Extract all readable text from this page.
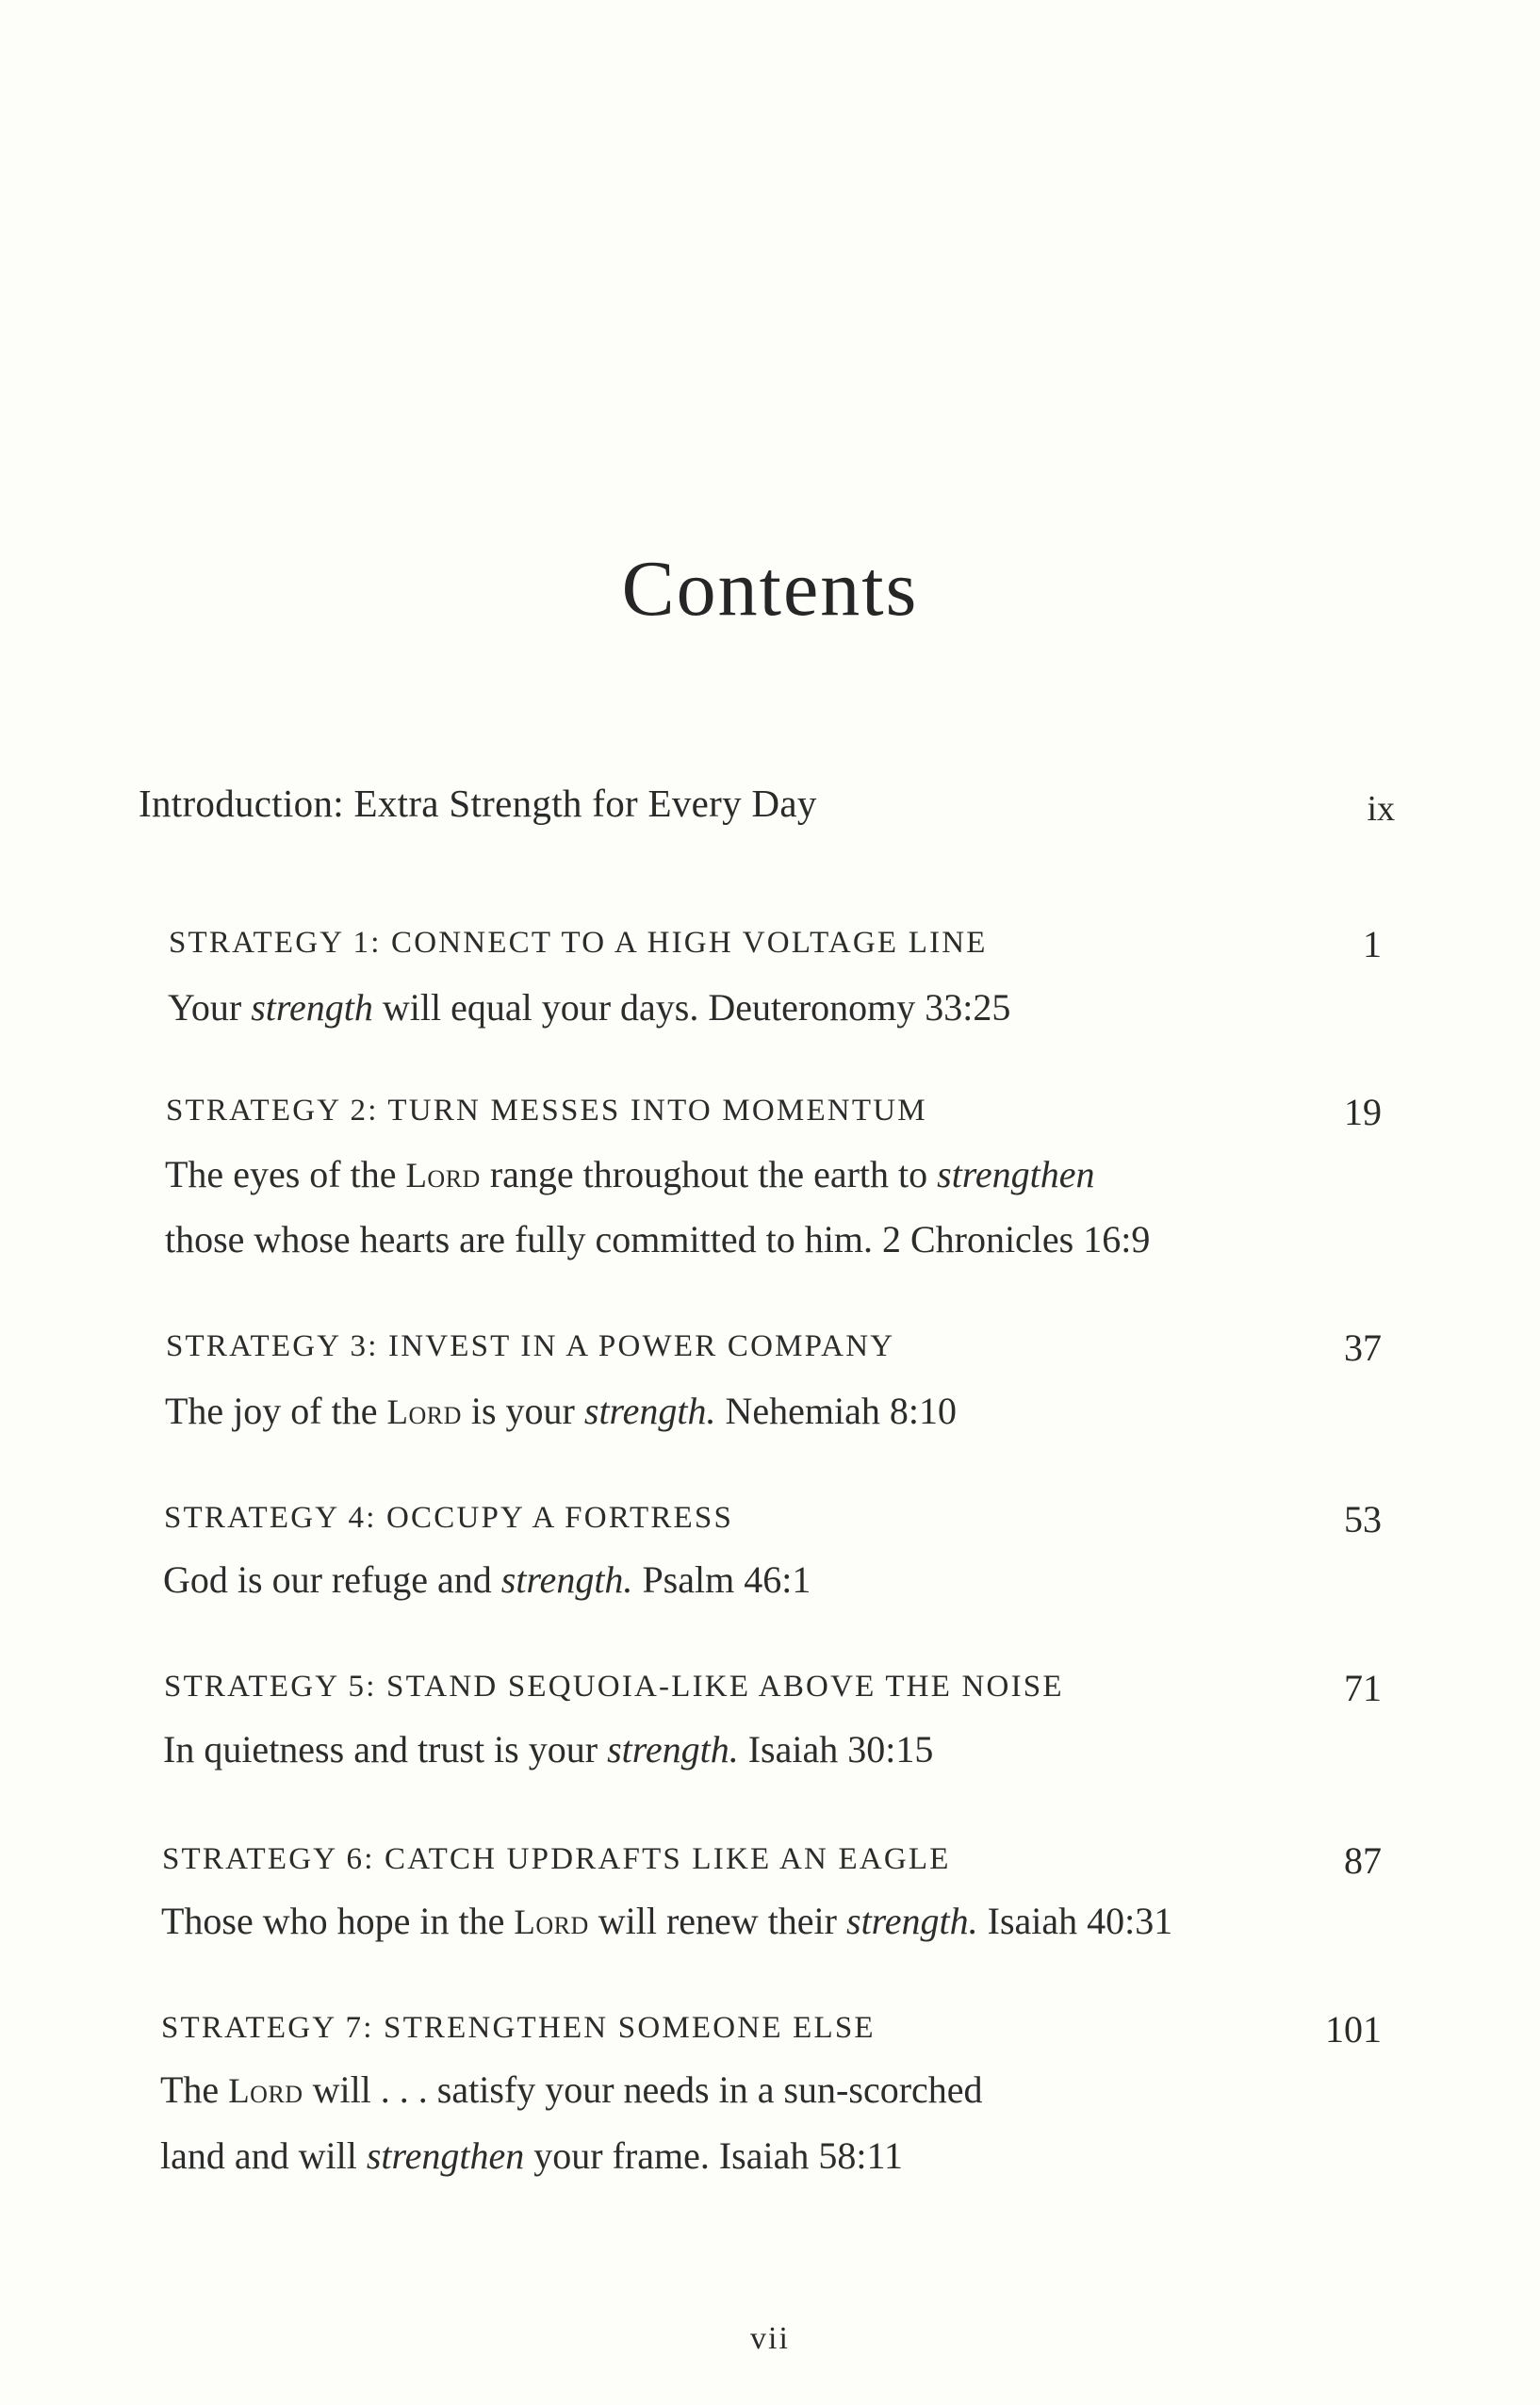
Contents
Introduction: Extra Strength for Every Day	ix
STRATEGY 1: CONNECT TO A HIGH VOLTAGE LINE	1
Your strength will equal your days. Deuteronomy 33:25
STRATEGY 2: TURN MESSES INTO MOMENTUM	19
The eyes of the Lord range throughout the earth to strengthen
those whose hearts are fully committed to him. 2 Chronicles 16:9
STRATEGY 3: INVEST IN A POWER COMPANY	37
The joy of the Lord is your strength. Nehemiah 8:10
STRATEGY 4: OCCUPY A FORTRESS	53
God is our refuge and strength. Psalm 46:1
STRATEGY 5: STAND SEQUOIA-LIKE ABOVE THE NOISE	71
In quietness and trust is your strength. Isaiah 30:15
STRATEGY 6: CATCH UPDRAFTS LIKE AN EAGLE	87
Those who hope in the Lord will renew their strength. Isaiah 40:31
STRATEGY 7: STRENGTHEN SOMEONE ELSE	101
The Lord will . . . satisfy your needs in a sun-scorched
land and will strengthen your frame. Isaiah 58:11
vii
